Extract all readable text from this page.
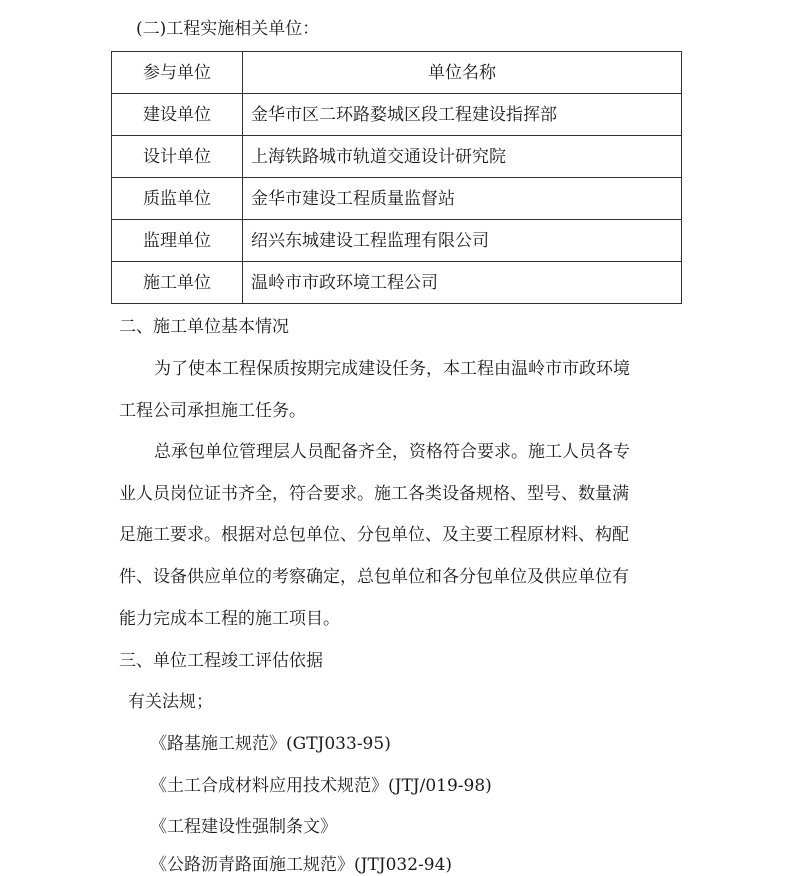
(二)工程实施相关单位：
参与单位	单位名称
建设单位	金华市区二环路婺城区段工程建设指挥部
设计单位	上海铁路城市轨道交通设计研究院
质监单位	金华市建设工程质量监督站
监理单位	绍兴东城建设工程监理有限公司
施工单位	温岭市市政环境工程公司
二、施工单位基本情况
为了使本工程保质按期完成建设任务，本工程由温岭市市政环境
工程公司承担施工任务。
总承包单位管理层人员配备齐全，资格符合要求。施工人员各专
业人员岗位证书齐全，符合要求。施工各类设备规格、型号、数量满
足施工要求。根据对总包单位、分包单位、及主要工程原材料、构配
件、设备供应单位的考察确定，总包单位和各分包单位及供应单位有
能力完成本工程的施工项目。
三、单位工程竣工评估依据
有关法规；
《路基施工规范》(GTJ033-95)
《土工合成材料应用技术规范》(JTJ/019-98)
《工程建设性强制条文》
《公路沥青路面施工规范》(JTJ032-94)
